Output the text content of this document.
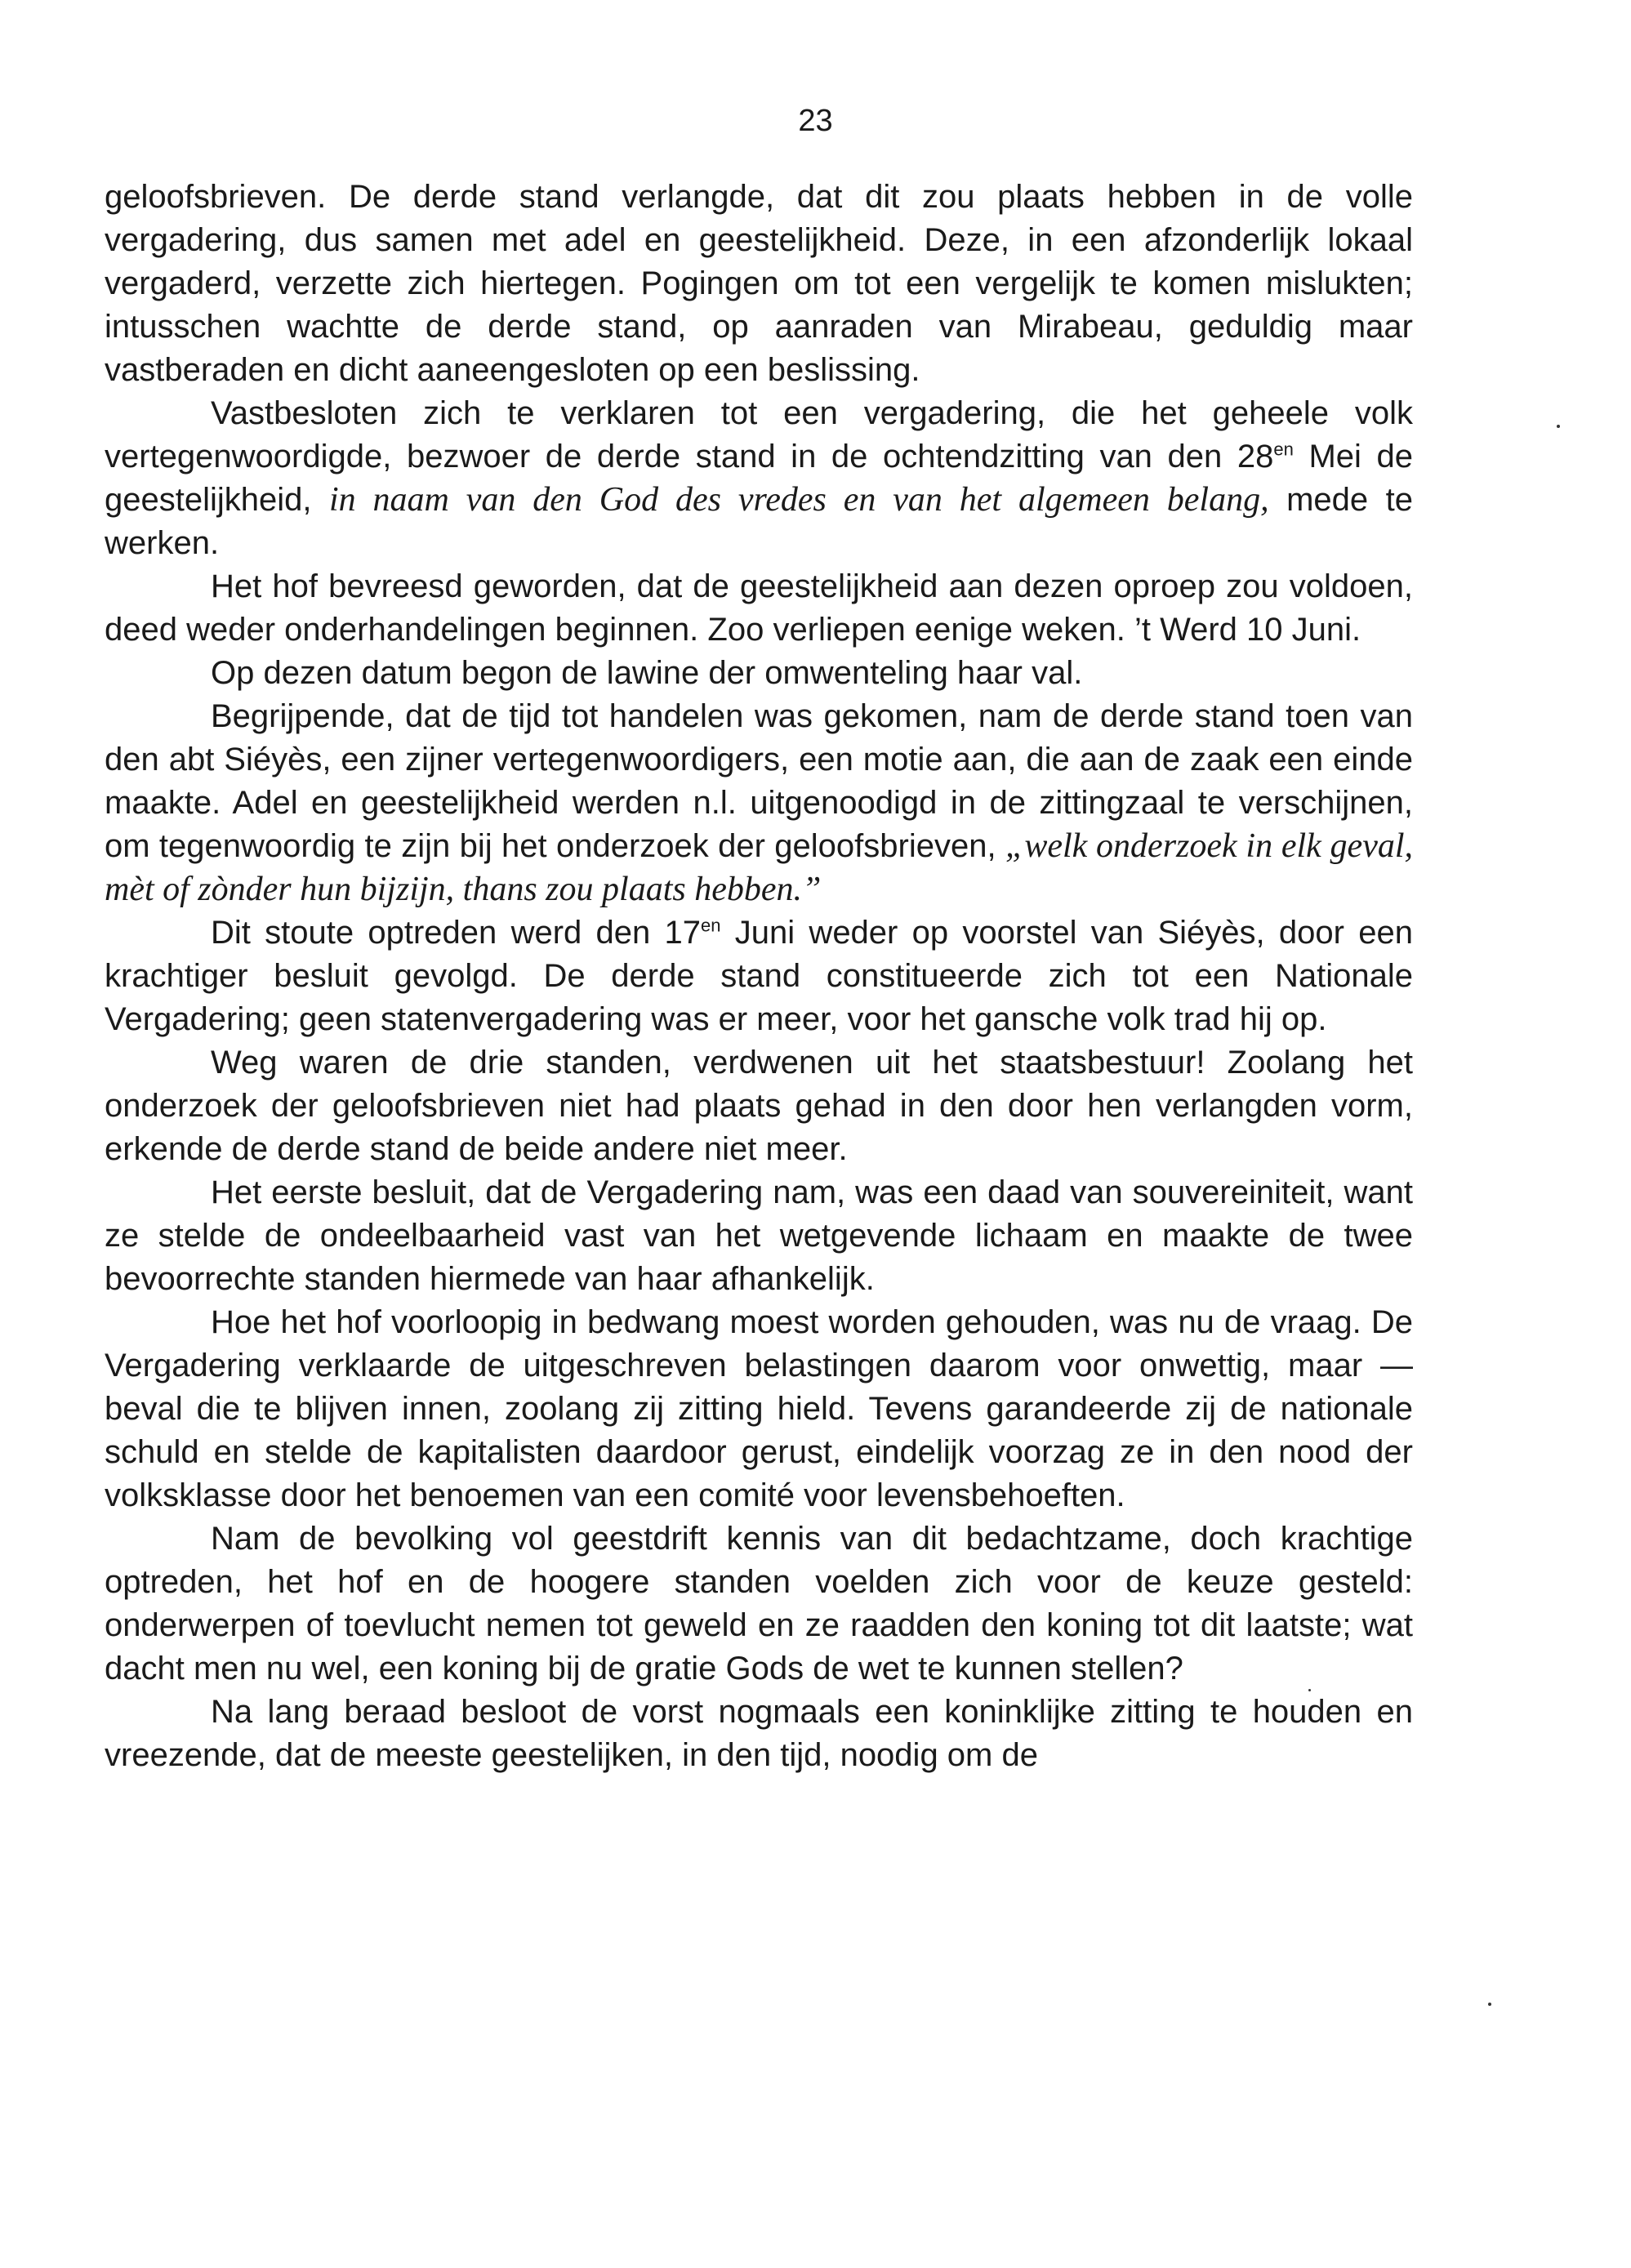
23

geloofsbrieven. De derde stand verlangde, dat dit zou plaats hebben in de volle vergadering, dus samen met adel en geestelijkheid. Deze, in een afzonderlijk lokaal vergaderd, verzette zich hiertegen. Pogingen om tot een vergelijk te komen mislukten; intusschen wachtte de derde stand, op aanraden van Mirabeau, geduldig maar vastberaden en dicht aaneengesloten op een beslissing.

Vastbesloten zich te verklaren tot een vergadering, die het geheele volk vertegenwoordigde, bezwoer de derde stand in de ochtendzitting van den $28^{en}$ Mei de geestelijkheid, in naam van den God des vredes en van het algemeen belang, mede te werken.

Het hof bevreesd geworden, dat de geestelijkheid aan dezen oproep zou voldoen, deed weder onderhandelingen beginnen. Zoo verliepen eenige weken. ’t Werd 10 Juni.

Op dezen datum begon de lawine der omwenteling haar val.

Begrijpende, dat de tijd tot handelen was gekomen, nam de derde stand toen van den abt Siéyès, een zijner vertegenwoordigers, een motie aan, die aan de zaak een einde maakte. Adel en geestelijkheid werden n.l. uitgenoodigd in de zittingzaal te verschijnen, om tegenwoordig te zijn bij het onderzoek der geloofsbrieven, „welk onderzoek in elk geval, mèt of zònder hun bijzijn, thans zou plaats hebben.”

Dit stoute optreden werd den $17^{en}$ Juni weder op voorstel van Siéyès, door een krachtiger besluit gevolgd. De derde stand constitueerde zich tot een Nationale Vergadering; geen statenvergadering was er meer, voor het gansche volk trad hij op.

Weg waren de drie standen, verdwenen uit het staatsbestuur! Zoolang het onderzoek der geloofsbrieven niet had plaats gehad in den door hen verlangden vorm, erkende de derde stand de beide andere niet meer.

Het eerste besluit, dat de Vergadering nam, was een daad van souvereiniteit, want ze stelde de ondeelbaarheid vast van het wetgevende lichaam en maakte de twee bevoorrechte standen hiermede van haar afhankelijk.

Hoe het hof voorloopig in bedwang moest worden gehouden, was nu de vraag. De Vergadering verklaarde de uitgeschreven belastingen daarom voor onwettig, maar — beval die te blijven innen, zoolang zij zitting hield. Tevens garandeerde zij de nationale schuld en stelde de kapitalisten daardoor gerust, eindelijk voorzag ze in den nood der volksklasse door het benoemen van een comité voor levensbehoeften.

Nam de bevolking vol geestdrift kennis van dit bedachtzame, doch krachtige optreden, het hof en de hoogere standen voelden zich voor de keuze gesteld: onderwerpen of toevlucht nemen tot geweld en ze raadden den koning tot dit laatste; wat dacht men nu wel, een koning bij de gratie Gods de wet te kunnen stellen?

Na lang beraad besloot de vorst nogmaals een koninklijke zitting te houden en vreezende, dat de meeste geestelijken, in den tijd, noodig om de
